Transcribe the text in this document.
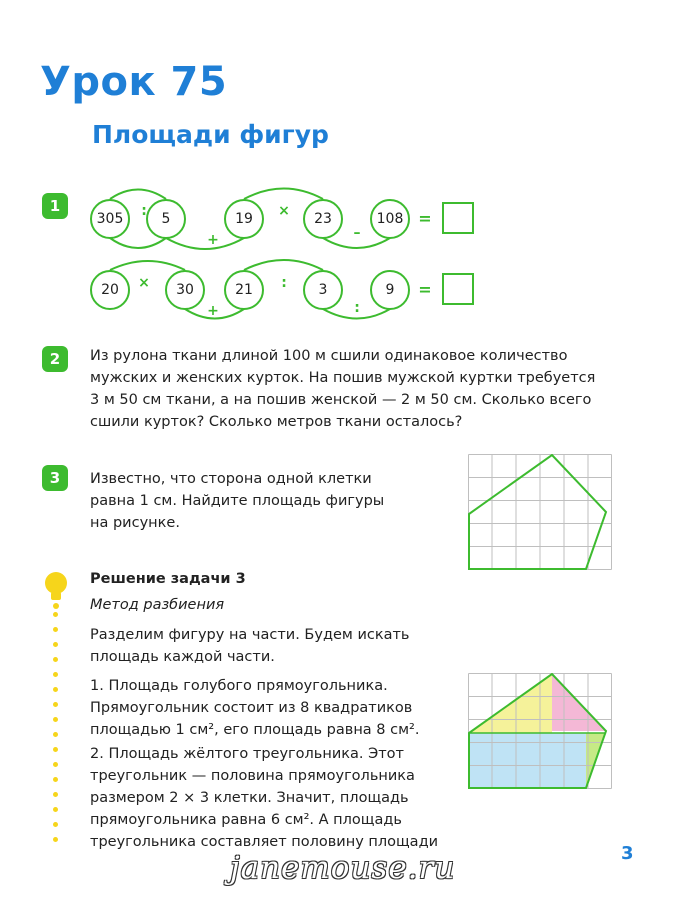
Урок 75
Площади фигур
1
305	5	19	23	108
:
+
×
–
=
20	30	21	3	9
×
+
:
:
=
2	Из рулона ткани длиной 100 м сшили одинаковое количество

мужских и женских курток. На пошив мужской куртки требуется

3 м 50 см ткани, а на пошив женской — 2 м 50 см. Сколько всего

сшили курток? Сколько метров ткани осталось?

3	Известно, что сторона одной клетки

равна 1 см. Найдите площадь фигуры

на рисунке.

Решение задачи 3
Метод разбиения

Разделим фигуру на части. Будем искать

площадь каждой части.

1. Площадь голубого прямоугольника.

Прямоугольник состоит из 8 квадратиков

площадью 1 см², его площадь равна 8 см².

2. Площадь жёлтого треугольника. Этот

треугольник — половина прямоугольника

размером 2 × 3 клетки. Значит, площадь

прямоугольника равна 6 см². А площадь

треугольника составляет половину площади

3
janemouse.ru
